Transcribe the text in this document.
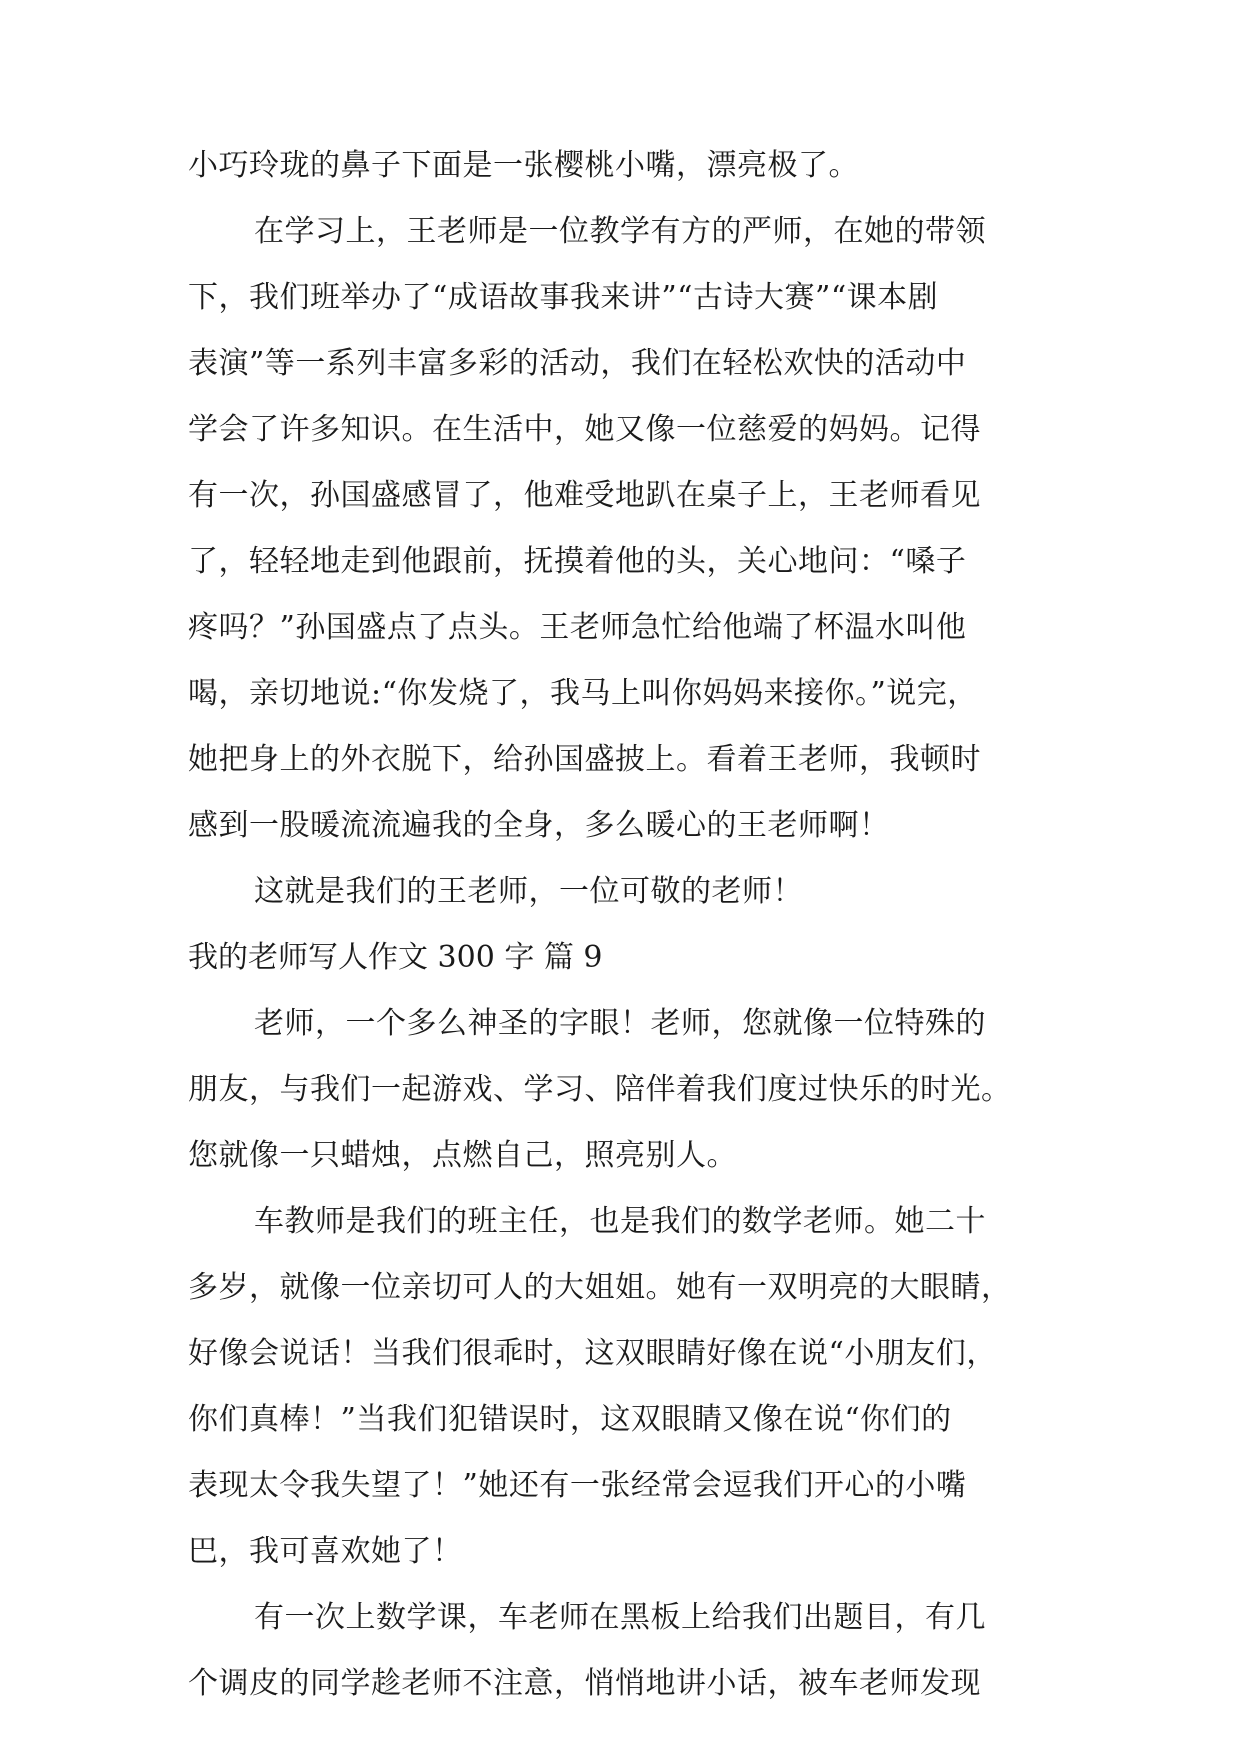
小巧玲珑的鼻子下面是一张樱桃小嘴，漂亮极了。
在学习上，王老师是一位教学有方的严师，在她的带领
下，我们班举办了“成语故事我来讲”“古诗大赛”“课本剧
表演”等一系列丰富多彩的活动，我们在轻松欢快的活动中
学会了许多知识。在生活中，她又像一位慈爱的妈妈。记得
有一次，孙国盛感冒了，他难受地趴在桌子上，王老师看见
了，轻轻地走到他跟前，抚摸着他的头，关心地问：“嗓子
疼吗？”孙国盛点了点头。王老师急忙给他端了杯温水叫他
喝，亲切地说:“你发烧了，我马上叫你妈妈来接你。”说完，
她把身上的外衣脱下，给孙国盛披上。看着王老师，我顿时
感到一股暖流流遍我的全身，多么暖心的王老师啊！
这就是我们的王老师，一位可敬的老师！
我的老师写人作文 300 字 篇 9
老师，一个多么神圣的字眼！老师，您就像一位特殊的
朋友，与我们一起游戏、学习、陪伴着我们度过快乐的时光。
您就像一只蜡烛，点燃自己，照亮别人。
车教师是我们的班主任，也是我们的数学老师。她二十
多岁，就像一位亲切可人的大姐姐。她有一双明亮的大眼睛，
好像会说话！当我们很乖时，这双眼睛好像在说“小朋友们，
你们真棒！”当我们犯错误时，这双眼睛又像在说“你们的
表现太令我失望了！”她还有一张经常会逗我们开心的小嘴
巴，我可喜欢她了！
有一次上数学课，车老师在黑板上给我们出题目，有几
个调皮的同学趁老师不注意，悄悄地讲小话，被车老师发现
